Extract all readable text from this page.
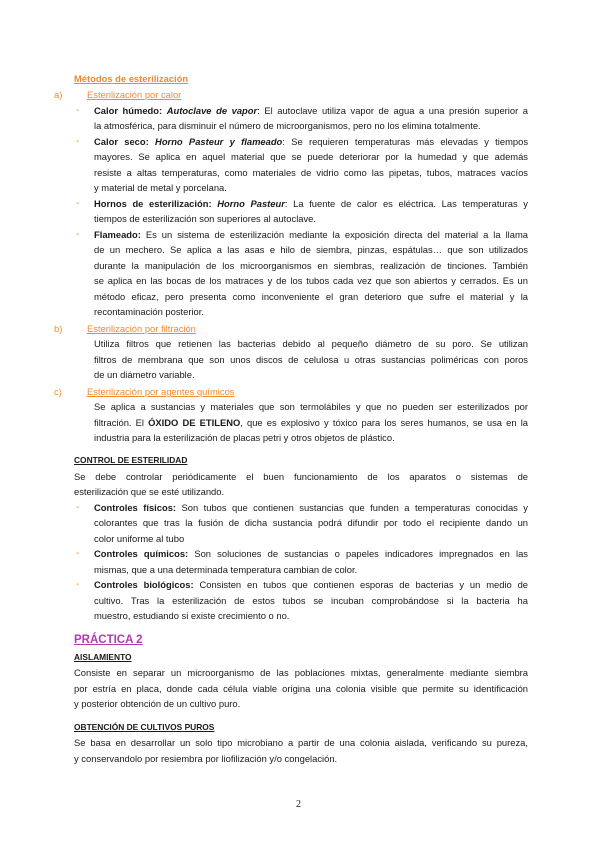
Métodos de esterilización
a)	Esterilización por calor
- Calor húmedo: Autoclave de vapor: El autoclave utiliza vapor de agua a una presión superior a
la atmosférica, para disminuir el número de microorganismos, pero no los elimina totalmente.
- Calor seco: Horno Pasteur y flameado: Se requieren temperaturas más elevadas y tiempos
mayores. Se aplica en aquel material que se puede deteriorar por la humedad y que además
resiste a altas temperaturas, como materiales de vidrio como las pipetas, tubos, matraces vacíos
y material de metal y porcelana.
- Hornos de esterilización: Horno Pasteur: La fuente de calor es eléctrica. Las temperaturas y
tiempos de esterilización son superiores al autoclave.
- Flameado: Es un sistema de esterilización mediante la exposición directa del material a la llama
de un mechero. Se aplica a las asas e hilo de siembra, pinzas, espátulas… que son utilizados
durante la manipulación de los microorganismos en siembras, realización de tinciones. También
se aplica en las bocas de los matraces y de los tubos cada vez que son abiertos y cerrados. Es un
método eficaz, pero presenta como inconveniente el gran deterioro que sufre el material y la
recontaminación posterior.
b)	Esterilización por filtración
Utiliza filtros que retienen las bacterias debido al pequeño diámetro de su poro. Se utilizan
filtros de membrana que son unos discos de celulosa u otras sustancias poliméricas con poros
de un diámetro variable.
c)	Esterilización por agentes químicos
Se aplica a sustancias y materiales que son termolábiles y que no pueden ser esterilizados por
filtración. El ÓXIDO DE ETILENO, que es explosivo y tóxico para los seres humanos, se usa en la
industria para la esterilización de placas petri y otros objetos de plástico.
CONTROL DE ESTERILIDAD
Se debe controlar periódicamente el buen funcionamiento de los aparatos o sistemas de
esterilización que se esté utilizando.
- Controles físicos: Son tubos que contienen sustancias que funden a temperaturas conocidas y
colorantes que tras la fusión de dicha sustancia podrá difundir por todo el recipiente dando un
color uniforme al tubo
- Controles químicos: Son soluciones de sustancias o papeles indicadores impregnados en las
mismas, que a una determinada temperatura cambian de color.
- Controles biológicos: Consisten en tubos que contienen esporas de bacterias y un medio de
cultivo. Tras la esterilización de estos tubos se incuban comprobándose si la bacteria ha
muestro, estudiando si existe crecimiento o no.
PRÁCTICA 2
AISLAMIENTO
Consiste en separar un microorganismo de las poblaciones mixtas, generalmente mediante siembra
por estría en placa, donde cada célula viable origina una colonia visible que permite su identificación
y posterior obtención de un cultivo puro.
OBTENCIÓN DE CULTIVOS PUROS
Se basa en desarrollar un solo tipo microbiano a partir de una colonia aislada, verificando su pureza,
y conservandolo por resiembra por liofilización y/o congelación.
2
